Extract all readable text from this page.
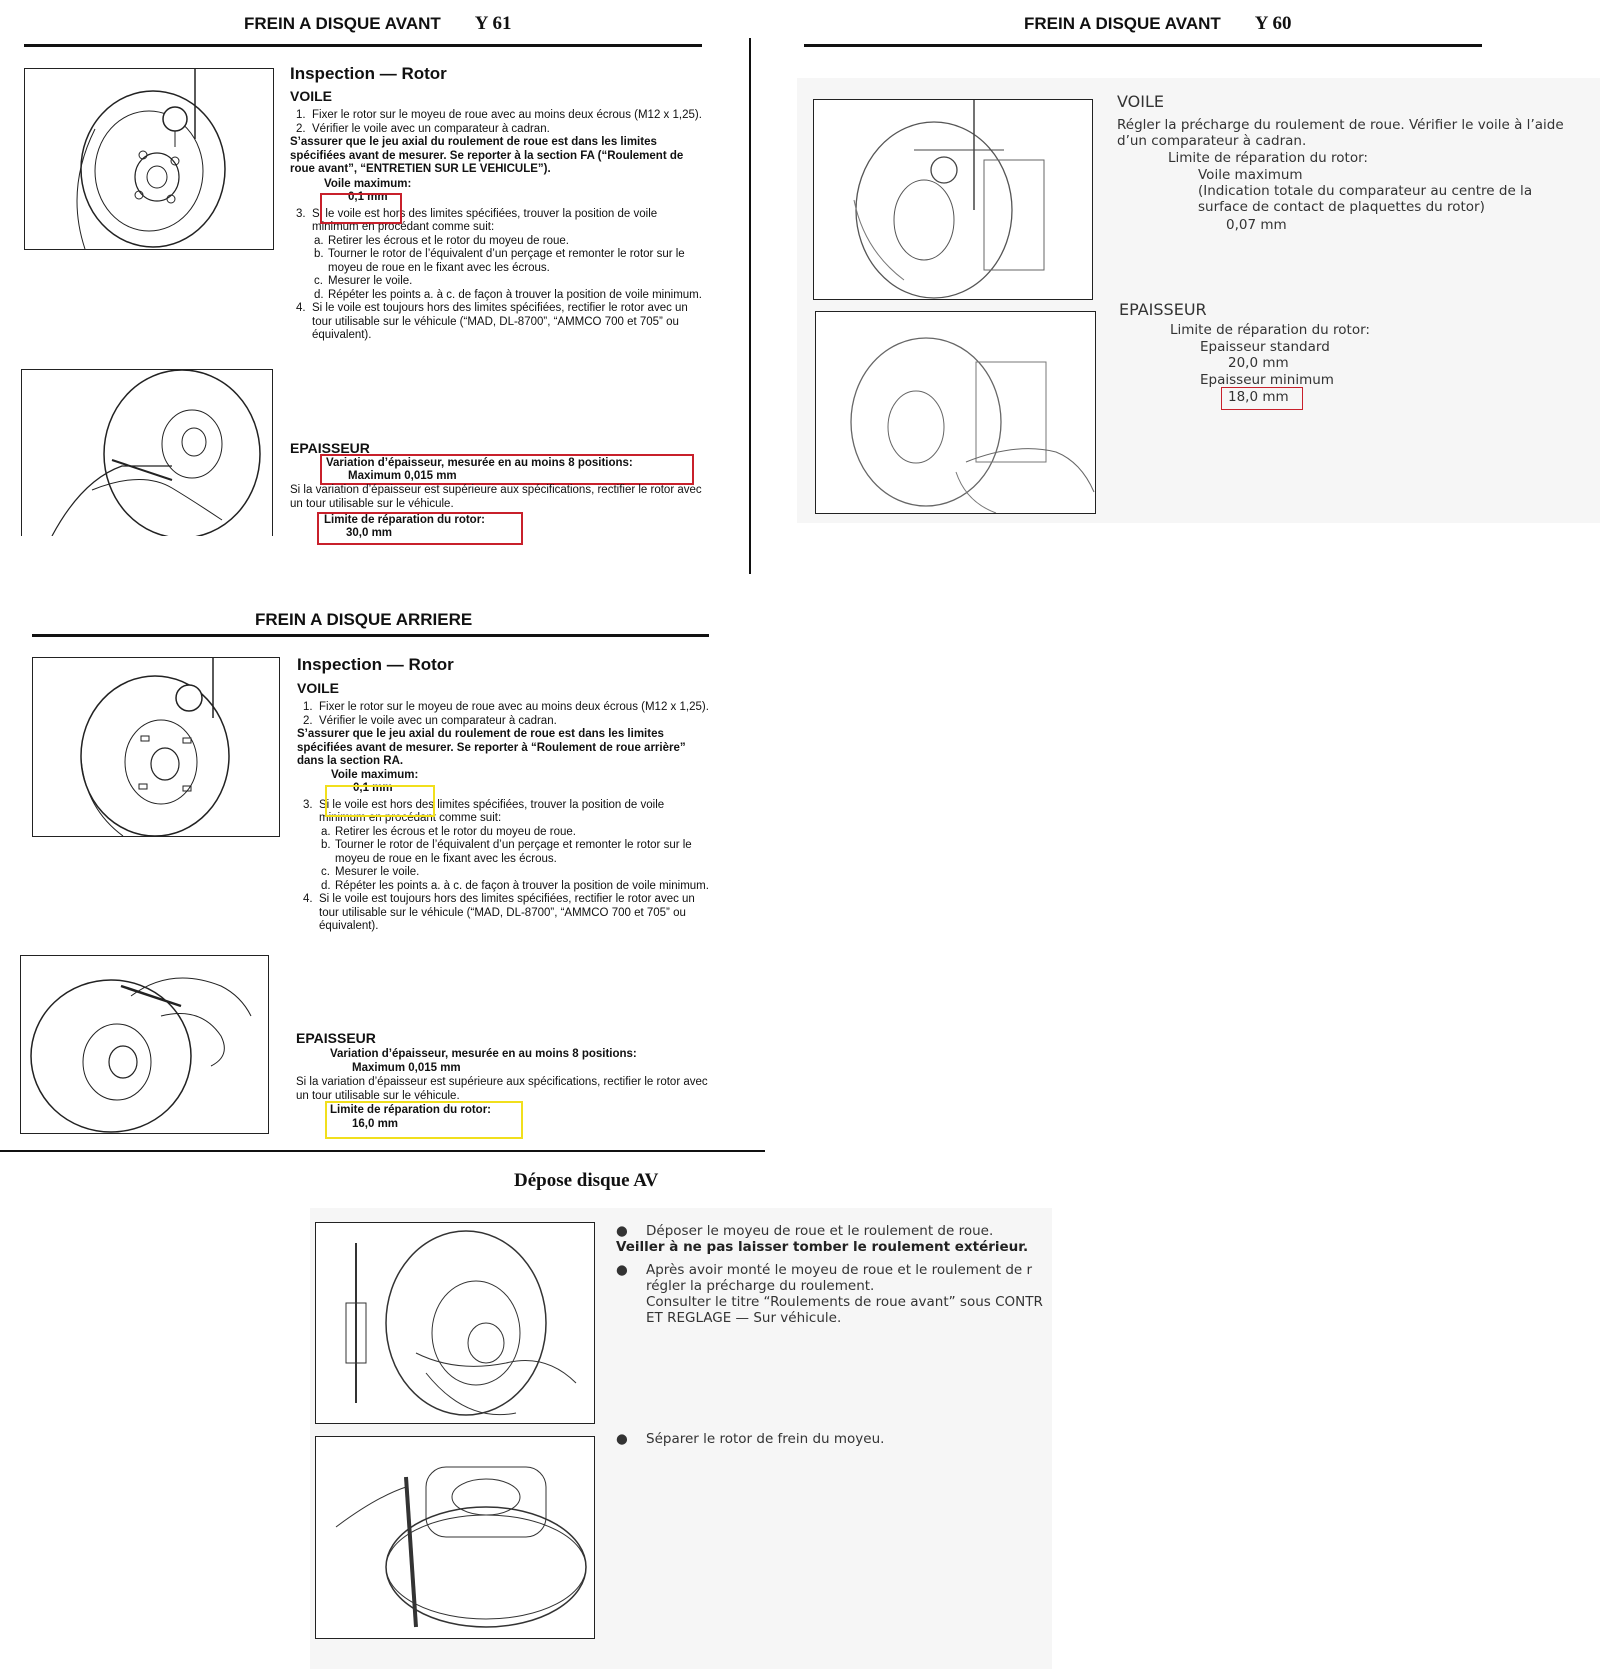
FREIN A DISQUE AVANT Y 61
Inspection — Rotor
VOILE
1. Fixer le rotor sur le moyeu de roue avec au moins deux écrous (M12 x 1,25).
2. Vérifier le voile avec un comparateur à cadran.
S’assurer que le jeu axial du roulement de roue est dans les limites spécifiées avant de mesurer. Se reporter à la section FA (“Roulement de roue avant”, “ENTRETIEN SUR LE VEHICULE”).
Voile maximum:
0,1 mm
3. Si le voile est hors des limites spécifiées, trouver la position de voile minimum en procédant comme suit:
a. Retirer les écrous et le rotor du moyeu de roue.
b. Tourner le rotor de l’équivalent d’un perçage et remonter le rotor sur le moyeu de roue en le fixant avec les écrous.
c. Mesurer le voile.
d. Répéter les points a. à c. de façon à trouver la position de voile minimum.
4. Si le voile est toujours hors des limites spécifiées, rectifier le rotor avec un tour utilisable sur le véhicule (“MAD, DL-8700”, “AMMCO 700 et 705” ou équivalent).
EPAISSEUR
Variation d’épaisseur, mesurée en au moins 8 positions:
Maximum 0,015 mm
Si la variation d’épaisseur est supérieure aux spécifications, rectifier le rotor avec un tour utilisable sur le véhicule.
Limite de réparation du rotor:
30,0 mm
FREIN A DISQUE AVANT Y 60
VOILE
Régler la précharge du roulement de roue. Vérifier le voile à l’aide d’un comparateur à cadran.
Limite de réparation du rotor:
Voile maximum
(Indication totale du comparateur au centre de la surface de contact de plaquettes du rotor)
0,07 mm
EPAISSEUR
Limite de réparation du rotor:
Epaisseur standard
20,0 mm
Epaisseur minimum
18,0 mm
FREIN A DISQUE ARRIERE
Inspection — Rotor
VOILE
1. Fixer le rotor sur le moyeu de roue avec au moins deux écrous (M12 x 1,25).
2. Vérifier le voile avec un comparateur à cadran.
S’assurer que le jeu axial du roulement de roue est dans les limites spécifiées avant de mesurer. Se reporter à “Roulement de roue arrière” dans la section RA.
Voile maximum:
0,1 mm
3. Si le voile est hors des limites spécifiées, trouver la position de voile minimum en procédant comme suit:
a. Retirer les écrous et le rotor du moyeu de roue.
b. Tourner le rotor de l’équivalent d’un perçage et remonter le rotor sur le moyeu de roue en le fixant avec les écrous.
c. Mesurer le voile.
d. Répéter les points a. à c. de façon à trouver la position de voile minimum.
4. Si le voile est toujours hors des limites spécifiées, rectifier le rotor avec un tour utilisable sur le véhicule (“MAD, DL-8700”, “AMMCO 700 et 705” ou équivalent).
EPAISSEUR
Variation d’épaisseur, mesurée en au moins 8 positions:
Maximum 0,015 mm
Si la variation d’épaisseur est supérieure aux spécifications, rectifier le rotor avec un tour utilisable sur le véhicule.
Limite de réparation du rotor:
16,0 mm
Dépose disque AV
● Déposer le moyeu de roue et le roulement de roue.
Veiller à ne pas laisser tomber le roulement extérieur.
● Après avoir monté le moyeu de roue et le roulement de r
régler la précharge du roulement.
Consulter le titre “Roulements de roue avant” sous CONTR
ET REGLAGE — Sur véhicule.
● Séparer le rotor de frein du moyeu.
